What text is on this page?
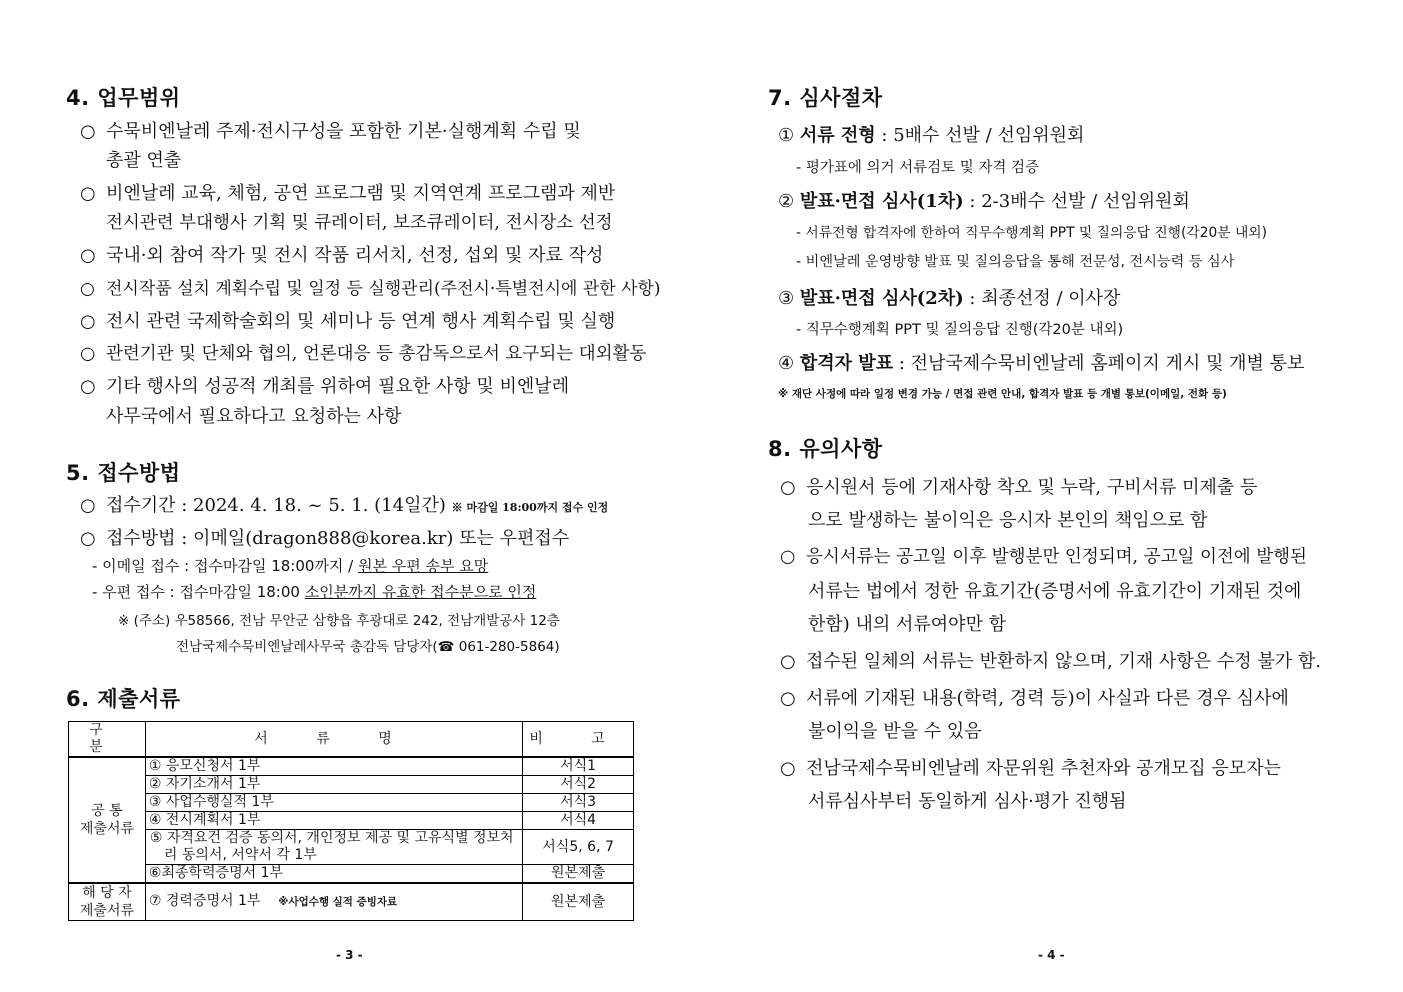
4. 업무범위
○ 수묵비엔날레 주제·전시구성을 포함한 기본·실행계획 수립 및
총괄 연출
○ 비엔날레 교육, 체험, 공연 프로그램 및 지역연계 프로그램과 제반
전시관련 부대행사 기획 및 큐레이터, 보조큐레이터, 전시장소 선정
○ 국내·외 참여 작가 및 전시 작품 리서치, 선정, 섭외 및 자료 작성
○ 전시작품 설치 계획수립 및 일정 등 실행관리(주전시·특별전시에 관한 사항)
○ 전시 관련 국제학술회의 및 세미나 등 연계 행사 계획수립 및 실행
○ 관련기관 및 단체와 협의, 언론대응 등 총감독으로서 요구되는 대외활동
○ 기타 행사의 성공적 개최를 위하여 필요한 사항 및 비엔날레
사무국에서 필요하다고 요청하는 사항
5. 접수방법
○ 접수기간 : 2024. 4. 18. ~ 5. 1. (14일간) ※ 마감일 18:00까지 접수 인정
○ 접수방법 : 이메일(dragon888@korea.kr) 또는 우편접수
- 이메일 접수 : 접수마감일 18:00까지 / 원본 우편 송부 요망
- 우편 접수 : 접수마감일 18:00 소인분까지 유효한 접수분으로 인정
※ (주소) 우58566, 전남 무안군 삼향읍 후광대로 242, 전남개발공사 12층
전남국제수묵비엔날레사무국 총감독 담당자(☎ 061-280-5864)
6. 제출서류
구 분	서 류 명	비 고
공 통
제출서류	① 응모신청서 1부	서식1
	② 자기소개서 1부	서식2
	③ 사업수행실적 1부	서식3
	④ 전시계획서 1부	서식4
	⑤ 자격요건 검증 동의서, 개인정보 제공 및 고유식별 정보처리 동의서, 서약서 각 1부	서식5, 6, 7
	⑥최종학력증명서 1부	원본제출
해 당 자
제출서류	⑦ 경력증명서 1부 ※사업수행 실적 증빙자료	원본제출
- 3 -
7. 심사절차
① 서류 전형 : 5배수 선발 / 선임위원회
- 평가표에 의거 서류검토 및 자격 검증
② 발표·면접 심사(1차) : 2-3배수 선발 / 선임위원회
- 서류전형 합격자에 한하여 직무수행계획 PPT 및 질의응답 진행(각20분 내외)
- 비엔날레 운영방향 발표 및 질의응답을 통해 전문성, 전시능력 등 심사
③ 발표·면접 심사(2차) : 최종선정 / 이사장
- 직무수행계획 PPT 및 질의응답 진행(각20분 내외)
④ 합격자 발표 : 전남국제수묵비엔날레 홈페이지 게시 및 개별 통보
※ 재단 사정에 따라 일정 변경 가능 / 면접 관련 안내, 합격자 발표 등 개별 통보(이메일, 전화 등)
8. 유의사항
○ 응시원서 등에 기재사항 착오 및 누락, 구비서류 미제출 등
으로 발생하는 불이익은 응시자 본인의 책임으로 함
○ 응시서류는 공고일 이후 발행분만 인정되며, 공고일 이전에 발행된
서류는 법에서 정한 유효기간(증명서에 유효기간이 기재된 것에
한함) 내의 서류여야만 함
○ 접수된 일체의 서류는 반환하지 않으며, 기재 사항은 수정 불가 함.
○ 서류에 기재된 내용(학력, 경력 등)이 사실과 다른 경우 심사에
불이익을 받을 수 있음
○ 전남국제수묵비엔날레 자문위원 추천자와 공개모집 응모자는
서류심사부터 동일하게 심사·평가 진행됨
- 4 -
